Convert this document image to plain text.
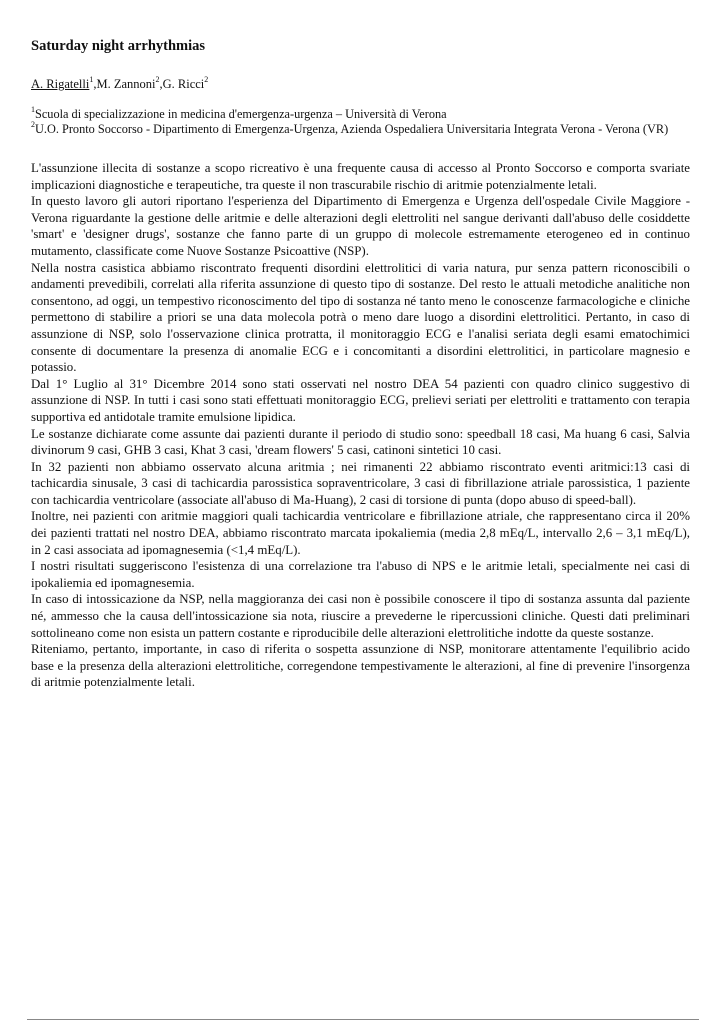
Saturday night arrhythmias
A. Rigatelli$^1$,M. Zannoni$^2$,G. Ricci$^2$
$^1$Scuola di specializzazione in medicina d'emergenza-urgenza – Università di Verona
$^2$U.O. Pronto Soccorso - Dipartimento di Emergenza-Urgenza, Azienda Ospedaliera Universitaria Integrata Verona - Verona (VR)

L'assunzione illecita di sostanze a scopo ricreativo è una frequente causa di accesso al Pronto Soccorso e comporta svariate implicazioni diagnostiche e terapeutiche, tra queste il non trascurabile rischio di aritmie potenzialmente letali.

In questo lavoro gli autori riportano l'esperienza del Dipartimento di Emergenza e Urgenza dell'ospedale Civile Maggiore - Verona riguardante la gestione delle aritmie e delle alterazioni degli elettroliti nel sangue derivanti dall'abuso delle cosiddette 'smart' e 'designer drugs', sostanze che fanno parte di un gruppo di molecole estremamente eterogeneo ed in continuo mutamento, classificate come Nuove Sostanze Psicoattive (NSP).

Nella nostra casistica abbiamo riscontrato frequenti disordini elettrolitici di varia natura, pur senza pattern riconoscibili o andamenti prevedibili, correlati alla riferita assunzione di questo tipo di sostanze. Del resto le attuali metodiche analitiche non consentono, ad oggi, un tempestivo riconoscimento del tipo di sostanza né tanto meno le conoscenze farmacologiche e cliniche permettono di stabilire a priori se una data molecola potrà o meno dare luogo a disordini elettrolitici. Pertanto, in caso di assunzione di NSP, solo l'osservazione clinica protratta, il monitoraggio ECG e l'analisi seriata degli esami ematochimici consente di documentare la presenza di anomalie ECG e i concomitanti a disordini elettrolitici, in particolare magnesio e potassio.

Dal 1° Luglio al 31° Dicembre 2014 sono stati osservati nel nostro DEA 54 pazienti con quadro clinico suggestivo di assunzione di NSP. In tutti i casi sono stati effettuati monitoraggio ECG, prelievi seriati per elettroliti e trattamento con terapia supportiva ed antidotale tramite emulsione lipidica.

Le sostanze dichiarate come assunte dai pazienti durante il periodo di studio sono: speedball 18 casi, Ma huang 6 casi, Salvia divinorum 9 casi, GHB 3 casi, Khat 3 casi, 'dream flowers' 5 casi, catinoni sintetici 10 casi.

In 32 pazienti non abbiamo osservato alcuna aritmia ; nei rimanenti 22 abbiamo riscontrato eventi aritmici:13 casi di tachicardia sinusale, 3 casi di tachicardia parossistica sopraventricolare, 3 casi di fibrillazione atriale parossistica, 1 paziente con tachicardia ventricolare (associate all'abuso di Ma-Huang), 2 casi di torsione di punta (dopo abuso di speed-ball).

Inoltre, nei pazienti con aritmie maggiori quali tachicardia ventricolare e fibrillazione atriale, che rappresentano circa il 20% dei pazienti trattati nel nostro DEA, abbiamo riscontrato marcata ipokaliemia (media 2,8 mEq/L, intervallo 2,6 – 3,1 mEq/L), in 2 casi associata ad ipomagnesemia (<1,4 mEq/L).

I nostri risultati suggeriscono l'esistenza di una correlazione tra l'abuso di NPS e le aritmie letali, specialmente nei casi di ipokaliemia ed ipomagnesemia.

In caso di intossicazione da NSP, nella maggioranza dei casi non è possibile conoscere il tipo di sostanza assunta dal paziente né, ammesso che la causa dell'intossicazione sia nota, riuscire a prevederne le ripercussioni cliniche. Questi dati preliminari sottolineano come non esista un pattern costante e riproducibile delle alterazioni elettrolitiche indotte da queste sostanze.

Riteniamo, pertanto, importante, in caso di riferita o sospetta assunzione di NSP, monitorare attentamente l'equilibrio acido base e la presenza della alterazioni elettrolitiche, corregendone tempestivamente le alterazioni, al fine di prevenire l'insorgenza di aritmie potenzialmente letali.
